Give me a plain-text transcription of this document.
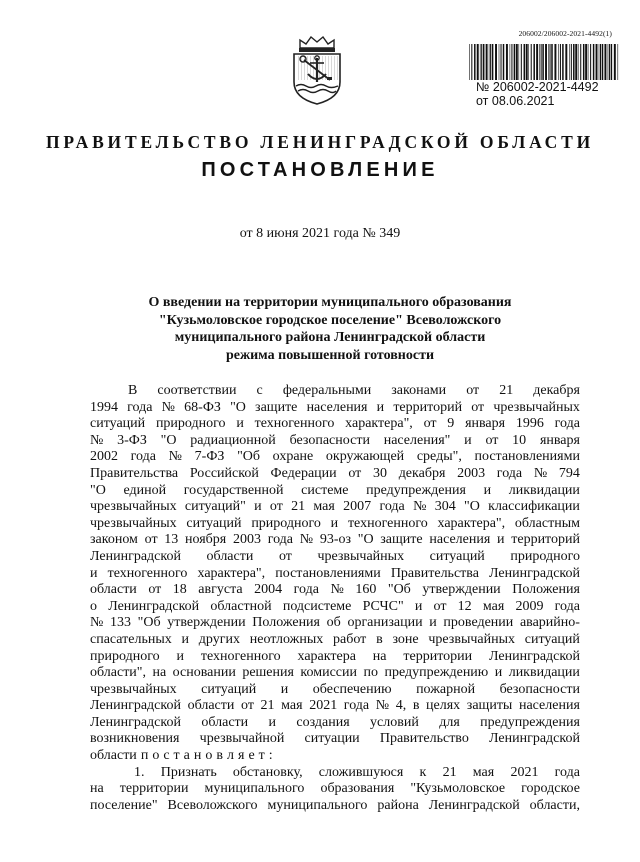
206002/206002-2021-4492(1)
№ 206002-2021-4492
от 08.06.2021
ПРАВИТЕЛЬСТВО ЛЕНИНГРАДСКОЙ ОБЛАСТИ
ПОСТАНОВЛЕНИЕ
от 8 июня 2021 года № 349
О введении на территории муниципального образования
"Кузьмоловское городское поселение" Всеволожского
муниципального района Ленинградской области
режима повышенной готовности
В соответствии с федеральными законами от 21 декабря
1994 года № 68-ФЗ "О защите населения и территорий от чрезвычайных
ситуаций природного и техногенного характера", от 9 января 1996 года
№ 3-ФЗ "О радиационной безопасности населения" и от 10 января
2002 года № 7-ФЗ "Об охране окружающей среды", постановлениями
Правительства Российской Федерации от 30 декабря 2003 года № 794
"О единой государственной системе предупреждения и ликвидации
чрезвычайных ситуаций" и от 21 мая 2007 года № 304 "О классификации
чрезвычайных ситуаций природного и техногенного характера", областным
законом от 13 ноября 2003 года № 93-оз "О защите населения и территорий
Ленинградской области от чрезвычайных ситуаций природного
и техногенного характера", постановлениями Правительства Ленинградской
области от 18 августа 2004 года № 160 "Об утверждении Положения
о Ленинградской областной подсистеме РСЧС" и от 12 мая 2009 года
№ 133 "Об утверждении Положения об организации и проведении аварийно-
спасательных и других неотложных работ в зоне чрезвычайных ситуаций
природного и техногенного характера на территории Ленинградской
области", на основании решения комиссии по предупреждению и ликвидации
чрезвычайных ситуаций и обеспечению пожарной безопасности
Ленинградской области от 21 мая 2021 года № 4, в целях защиты населения
Ленинградской области и создания условий для предупреждения
возникновения чрезвычайной ситуации Правительство Ленинградской
области п о с т а н о в л я е т :
1. Признать обстановку, сложившуюся к 21 мая 2021 года
на территории муниципального образования "Кузьмоловское городское
поселение" Всеволожского муниципального района Ленинградской области,
